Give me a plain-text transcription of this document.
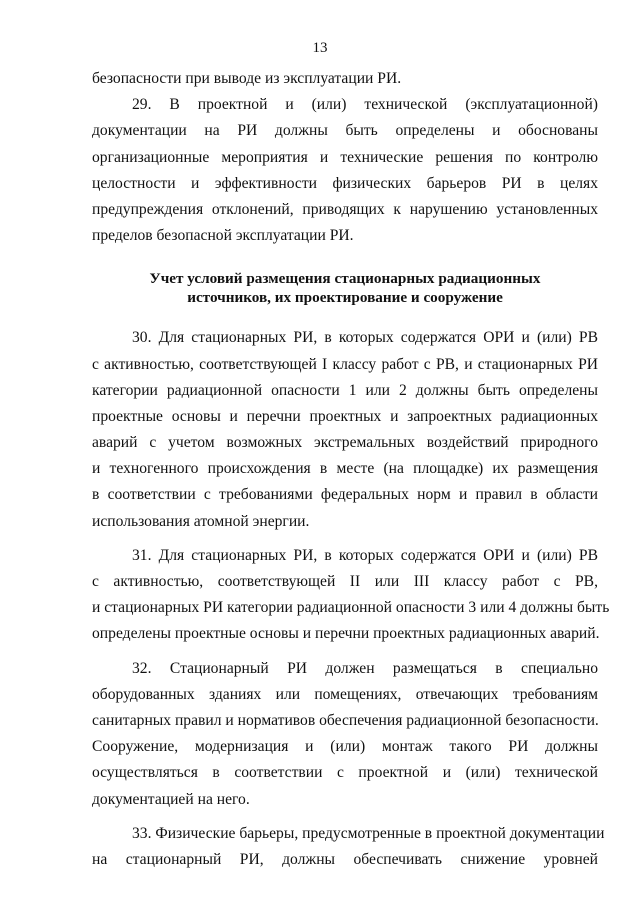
13
безопасности при выводе из эксплуатации РИ.
29. В проектной и (или) технической (эксплуатационной)
документации на РИ должны быть определены и обоснованы
организационные мероприятия и технические решения по контролю
целостности и эффективности физических барьеров РИ в целях
предупреждения отклонений, приводящих к нарушению установленных
пределов безопасной эксплуатации РИ.
Учет условий размещения стационарных радиационных
источников, их проектирование и сооружение
30. Для стационарных РИ, в которых содержатся ОРИ и (или) РВ
с активностью, соответствующей I классу работ с РВ, и стационарных РИ
категории радиационной опасности 1 или 2 должны быть определены
проектные основы и перечни проектных и запроектных радиационных
аварий с учетом возможных экстремальных воздействий природного
и техногенного происхождения в месте (на площадке) их размещения
в соответствии с требованиями федеральных норм и правил в области
использования атомной энергии.
31. Для стационарных РИ, в которых содержатся ОРИ и (или) РВ
с активностью, соответствующей II или III классу работ с РВ,
и стационарных РИ категории радиационной опасности 3 или 4 должны быть
определены проектные основы и перечни проектных радиационных аварий.
32. Стационарный РИ должен размещаться в специально
оборудованных зданиях или помещениях, отвечающих требованиям
санитарных правил и нормативов обеспечения радиационной безопасности.
Сооружение, модернизация и (или) монтаж такого РИ должны
осуществляться в соответствии с проектной и (или) технической
документацией на него.
33. Физические барьеры, предусмотренные в проектной документации
на стационарный РИ, должны обеспечивать снижение уровней
